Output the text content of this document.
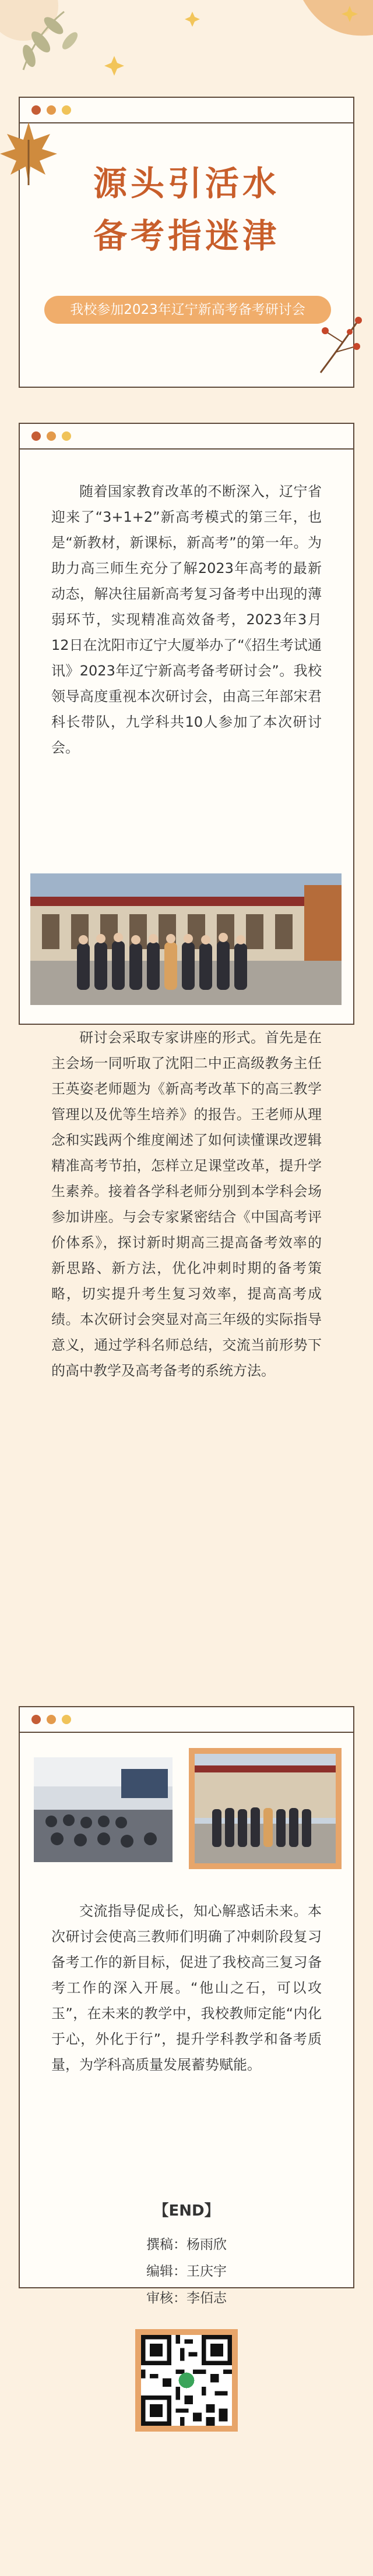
源头引活水
备考指迷津
我校参加2023年辽宁新高考备考研讨会

随着国家教育改革的不断深入，辽宁省迎来了“3+1+2”新高考模式的第三年，也是“新教材，新课标，新高考”的第一年。为助力高三师生充分了解2023年高考的最新动态，解决往届新高考复习备考中出现的薄弱环节，实现精准高效备考，2023年3月12日在沈阳市辽宁大厦举办了“《招生考试通讯》2023年辽宁新高考备考研讨会”。我校领导高度重视本次研讨会，由高三年部宋君科长带队，九学科共10人参加了本次研讨会。

研讨会采取专家讲座的形式。首先是在主会场一同听取了沈阳二中正高级教务主任王英姿老师题为《新高考改革下的高三教学管理以及优等生培养》的报告。王老师从理念和实践两个维度阐述了如何读懂课改逻辑精准高考节拍，怎样立足课堂改革，提升学生素养。接着各学科老师分别到本学科会场参加讲座。与会专家紧密结合《中国高考评价体系》，探讨新时期高三提高备考效率的新思路、新方法，优化冲刺时期的备考策略，切实提升考生复习效率，提高高考成绩。本次研讨会突显对高三年级的实际指导意义，通过学科名师总结，交流当前形势下的高中教学及高考备考的系统方法。

交流指导促成长，知心解惑话未来。本次研讨会使高三教师们明确了冲刺阶段复习备考工作的新目标，促进了我校高三复习备考工作的深入开展。“他山之石，可以攻玉”，在未来的教学中，我校教师定能“内化于心，外化于行”，提升学科教学和备考质量，为学科高质量发展蓄势赋能。

【END】
撰稿：杨雨欣
编辑：王庆宇
审核：李佰志
